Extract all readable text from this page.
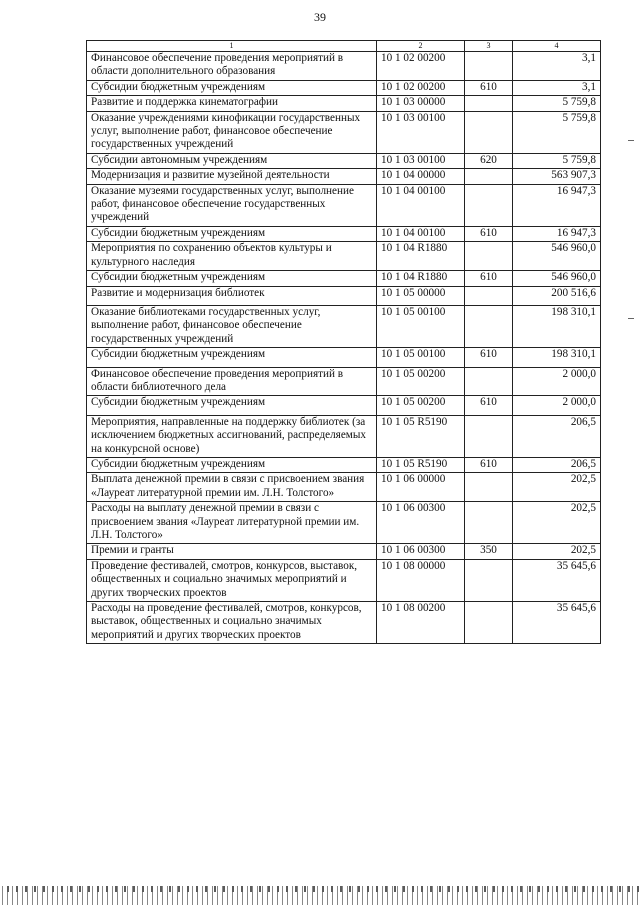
39
1	2	3	4
Финансовое обеспечение проведения мероприятий в области дополнительного образования	10 1 02 00200		3,1
Субсидии бюджетным учреждениям	10 1 02 00200	610	3,1
Развитие и поддержка кинематографии	10 1 03 00000		5 759,8
Оказание учреждениями кинофикации государственных услуг, выполнение работ, финансовое обеспечение государственных учреждений	10 1 03 00100		5 759,8
Субсидии автономным учреждениям	10 1 03 00100	620	5 759,8
Модернизация и развитие музейной деятельности	10 1 04 00000		563 907,3
Оказание музеями государственных услуг, выполнение работ, финансовое обеспечение государственных учреждений	10 1 04 00100		16 947,3
Субсидии бюджетным учреждениям	10 1 04 00100	610	16 947,3
Мероприятия по сохранению объектов культуры и культурного наследия	10 1 04 R1880		546 960,0
Субсидии бюджетным учреждениям	10 1 04 R1880	610	546 960,0
Развитие и модернизация библиотек	10 1 05 00000		200 516,6
Оказание библиотеками государственных услуг, выполнение работ, финансовое обеспечение государственных учреждений	10 1 05 00100		198 310,1
Субсидии бюджетным учреждениям	10 1 05 00100	610	198 310,1
Финансовое обеспечение проведения мероприятий в области библиотечного дела	10 1 05 00200		2 000,0
Субсидии бюджетным учреждениям	10 1 05 00200	610	2 000,0
Мероприятия, направленные на поддержку библиотек (за исключением бюджетных ассигнований, распределяемых на конкурсной основе)	10 1 05 R5190		206,5
Субсидии бюджетным учреждениям	10 1 05 R5190	610	206,5
Выплата денежной премии в связи с присвоением звания «Лауреат литературной премии им. Л.Н. Толстого»	10 1 06 00000		202,5
Расходы на выплату денежной премии в связи с присвоением звания «Лауреат литературной премии им. Л.Н. Толстого»	10 1 06 00300		202,5
Премии и гранты	10 1 06 00300	350	202,5
Проведение фестивалей, смотров, конкурсов, выставок, общественных и социально значимых мероприятий и других творческих проектов	10 1 08 00000		35 645,6
Расходы на проведение фестивалей, смотров, конкурсов, выставок, общественных и социально значимых мероприятий и других творческих проектов	10 1 08 00200		35 645,6
